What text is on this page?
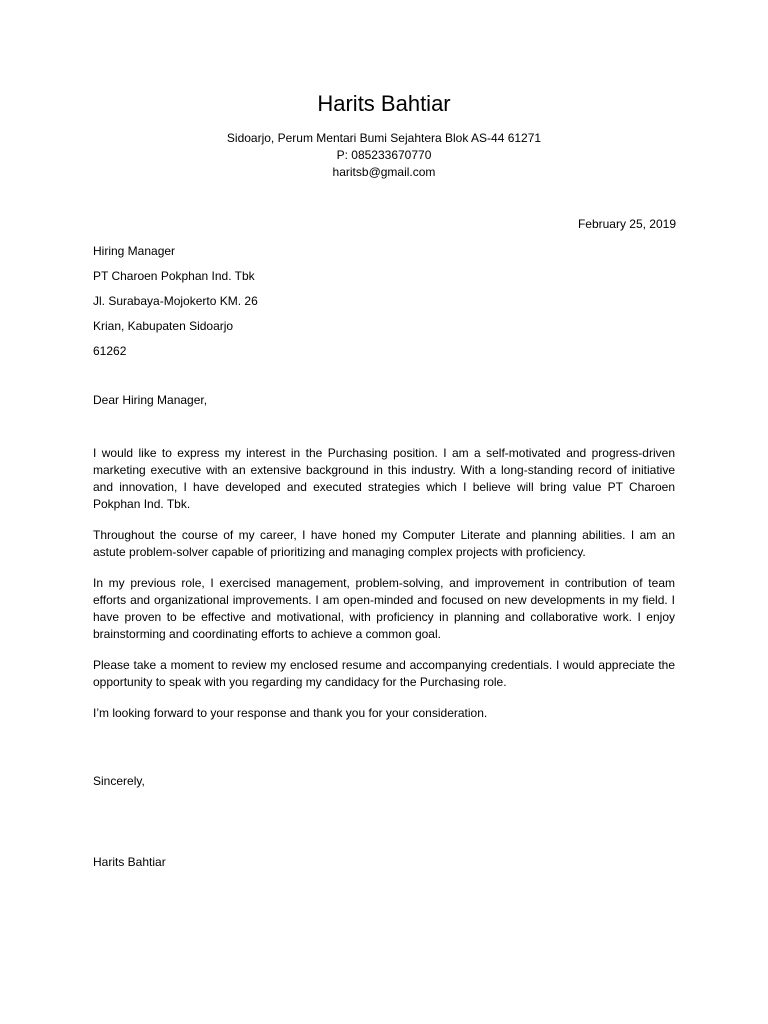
Harits Bahtiar
Sidoarjo, Perum Mentari Bumi Sejahtera Blok AS-44 61271
P: 085233670770
haritsb@gmail.com
February 25, 2019
Hiring Manager
PT Charoen Pokphan Ind. Tbk
Jl. Surabaya-Mojokerto KM. 26
Krian, Kabupaten Sidoarjo
61262
Dear Hiring Manager,

I would like to express my interest in the Purchasing position. I am a self-motivated and progress-driven marketing executive with an extensive background in this industry. With a long-standing record of initiative and innovation, I have developed and executed strategies which I believe will bring value PT Charoen Pokphan Ind. Tbk.

Throughout the course of my career, I have honed my Computer Literate and planning abilities. I am an astute problem-solver capable of prioritizing and managing complex projects with proficiency.

In my previous role, I exercised management, problem-solving, and improvement in contribution of team efforts and organizational improvements. I am open-minded and focused on new developments in my field. I have proven to be effective and motivational, with proficiency in planning and collaborative work. I enjoy brainstorming and coordinating efforts to achieve a common goal.

Please take a moment to review my enclosed resume and accompanying credentials. I would appreciate the opportunity to speak with you regarding my candidacy for the Purchasing role.

I’m looking forward to your response and thank you for your consideration.

Sincerely,
Harits Bahtiar
